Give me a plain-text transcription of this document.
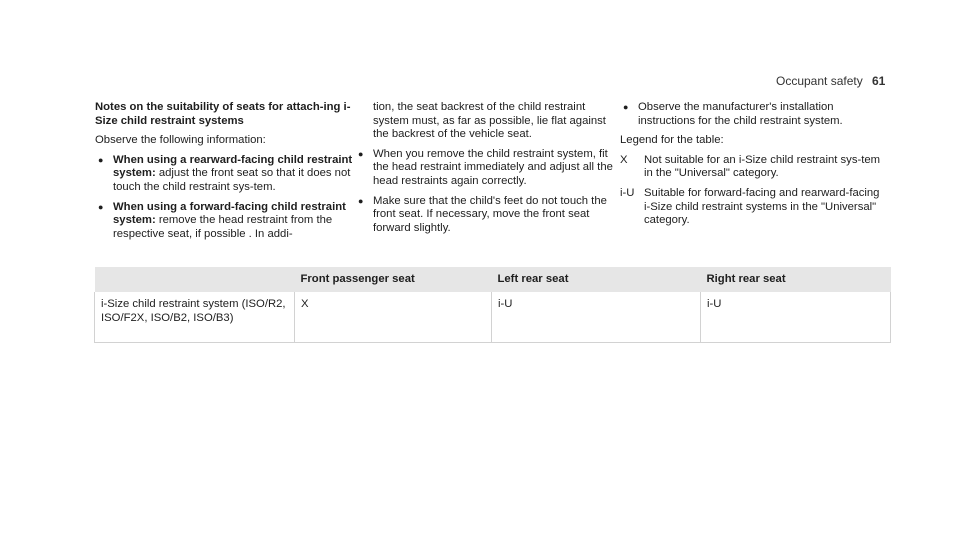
Occupant safety 61
Notes on the suitability of seats for attach-ing i-Size child restraint systems

Observe the following information:

● When using a rearward-facing child restraint system: adjust the front seat so that it does not touch the child restraint sys-tem.
● When using a forward-facing child restraint system: remove the head restraint from the respective seat, if possible . In addi-
tion, the seat backrest of the child restraint system must, as far as possible, lie flat against the backrest of the vehicle seat.
● When you remove the child restraint system, fit the head restraint immediately and adjust all the head restraints again correctly.
● Make sure that the child's feet do not touch the front seat. If necessary, move the front seat forward slightly.
● Observe the manufacturer's installation instructions for the child restraint system.

Legend for the table:

X	Not suitable for an i-Size child restraint sys-tem in the "Universal" category.
i-U Suitable for forward-facing and rearward-facing i-Size child restraint systems in the "Universal" category.
	Front passenger seat	Left rear seat	Right rear seat
i-Size child restraint system (ISO/R2, ISO/F2X, ISO/B2, ISO/B3)	X	i-U	i-U
